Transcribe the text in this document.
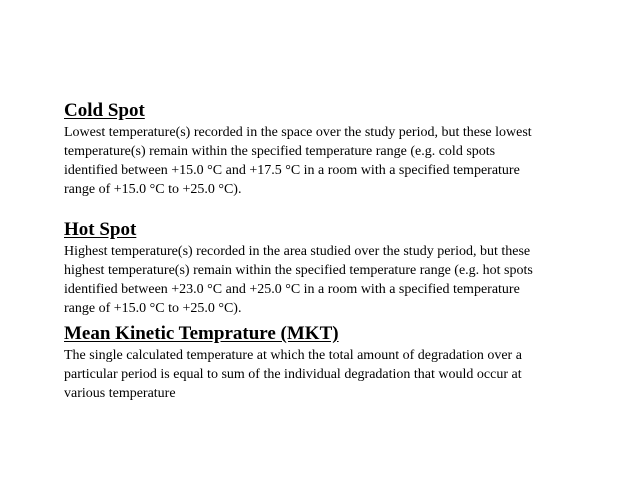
Cold Spot

Lowest temperature(s) recorded in the space over the study period, but these lowest
temperature(s) remain within the specified temperature range (e.g. cold spots
identified between +15.0 °C and +17.5 °C in a room with a specified temperature
range of +15.0 °C to +25.0 °C).

Hot Spot

Highest temperature(s) recorded in the area studied over the study period, but these
highest temperature(s) remain within the specified temperature range (e.g. hot spots
identified between +23.0 °C and +25.0 °C in a room with a specified temperature
range of +15.0 °C to +25.0 °C).

Mean Kinetic Temprature (MKT)

The single calculated temperature at which the total amount of degradation over a
particular period is equal to sum of the individual degradation that would occur at
various temperature
